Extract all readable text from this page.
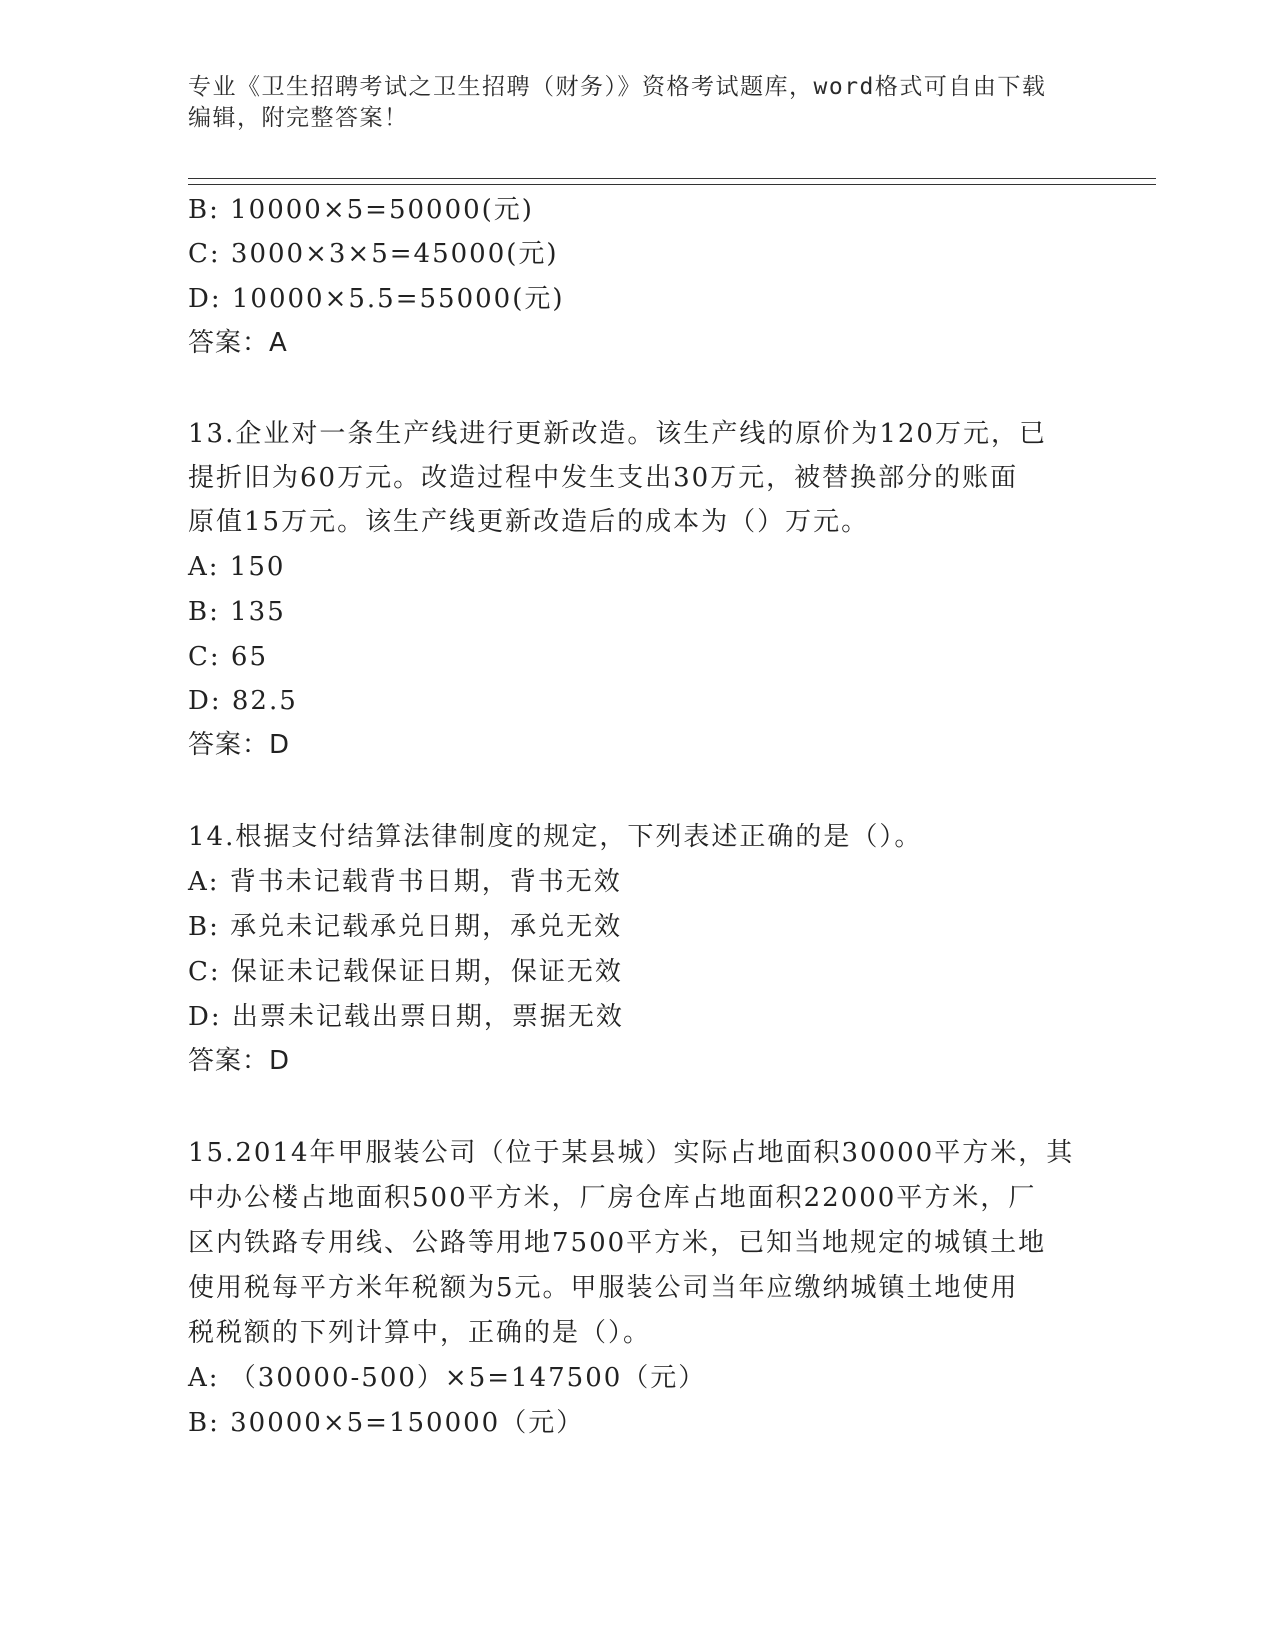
专业《卫生招聘考试之卫生招聘（财务）》资格考试题库，word格式可自由下载
编辑，附完整答案！
B: 10000×5=50000(元)
C: 3000×3×5=45000(元)
D: 10000×5.5=55000(元)
答案：A
13.企业对一条生产线进行更新改造。该生产线的原价为120万元，已
提折旧为60万元。改造过程中发生支出30万元，被替换部分的账面
原值15万元。该生产线更新改造后的成本为（）万元。
A: 150
B: 135
C: 65
D: 82.5
答案：D
14.根据支付结算法律制度的规定，下列表述正确的是（）。
A: 背书未记载背书日期，背书无效
B: 承兑未记载承兑日期，承兑无效
C: 保证未记载保证日期，保证无效
D: 出票未记载出票日期，票据无效
答案：D
15.2014年甲服装公司（位于某县城）实际占地面积30000平方米，其
中办公楼占地面积500平方米，厂房仓库占地面积22000平方米，厂
区内铁路专用线、公路等用地7500平方米，已知当地规定的城镇土地
使用税每平方米年税额为5元。甲服装公司当年应缴纳城镇土地使用
税税额的下列计算中，正确的是（）。
A: （30000-500）×5=147500（元）
B: 30000×5=150000（元）
